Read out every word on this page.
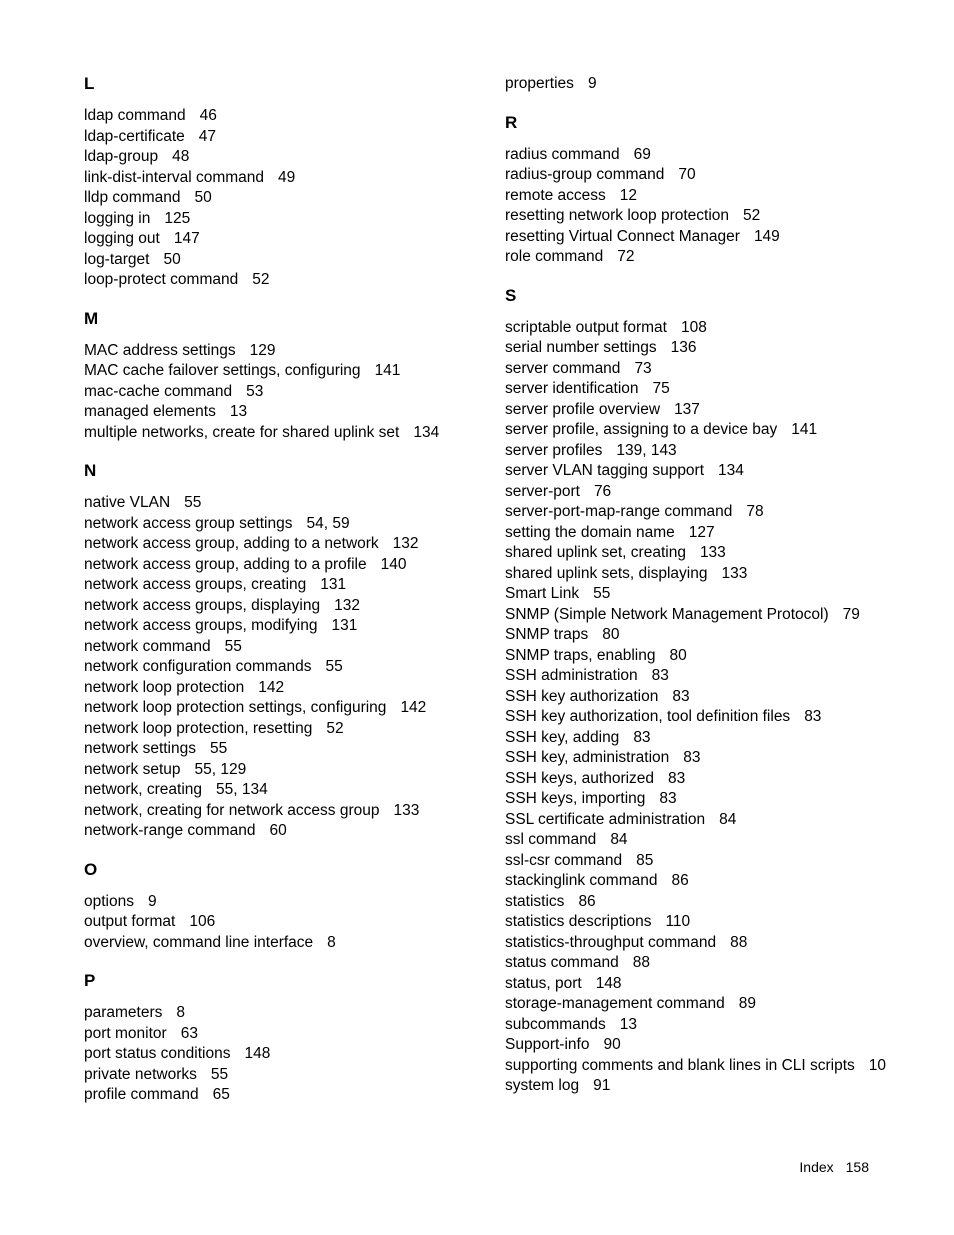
L
ldap command 46
ldap-certificate 47
ldap-group 48
link-dist-interval command 49
lldp command 50
logging in 125
logging out 147
log-target 50
loop-protect command 52
M
MAC address settings 129
MAC cache failover settings, configuring 141
mac-cache command 53
managed elements 13
multiple networks, create for shared uplink set 134
N
native VLAN 55
network access group settings 54, 59
network access group, adding to a network 132
network access group, adding to a profile 140
network access groups, creating 131
network access groups, displaying 132
network access groups, modifying 131
network command 55
network configuration commands 55
network loop protection 142
network loop protection settings, configuring 142
network loop protection, resetting 52
network settings 55
network setup 55, 129
network, creating 55, 134
network, creating for network access group 133
network-range command 60
O
options 9
output format 106
overview, command line interface 8
P
parameters 8
port monitor 63
port status conditions 148
private networks 55
profile command 65
properties 9
R
radius command 69
radius-group command 70
remote access 12
resetting network loop protection 52
resetting Virtual Connect Manager 149
role command 72
S
scriptable output format 108
serial number settings 136
server command 73
server identification 75
server profile overview 137
server profile, assigning to a device bay 141
server profiles 139, 143
server VLAN tagging support 134
server-port 76
server-port-map-range command 78
setting the domain name 127
shared uplink set, creating 133
shared uplink sets, displaying 133
Smart Link 55
SNMP (Simple Network Management Protocol) 79
SNMP traps 80
SNMP traps, enabling 80
SSH administration 83
SSH key authorization 83
SSH key authorization, tool definition files 83
SSH key, adding 83
SSH key, administration 83
SSH keys, authorized 83
SSH keys, importing 83
SSL certificate administration 84
ssl command 84
ssl-csr command 85
stackinglink command 86
statistics 86
statistics descriptions 110
statistics-throughput command 88
status command 88
status, port 148
storage-management command 89
subcommands 13
Support-info 90
supporting comments and blank lines in CLI scripts 10
system log 91
Index 158
